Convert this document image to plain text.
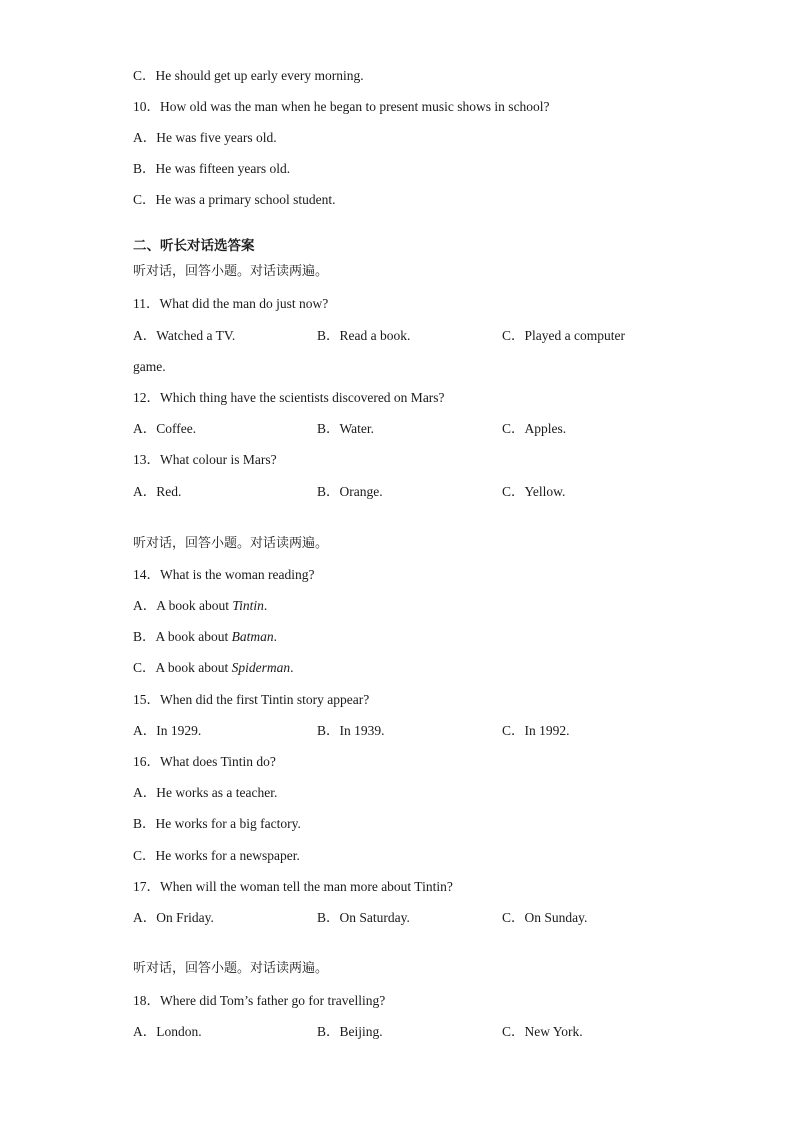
C．He should get up early every morning.
10．How old was the man when he began to present music shows in school?
A．He was five years old.
B．He was fifteen years old.
C．He was a primary school student.
二、听长对话选答案
听对话，回答小题。对话读两遍。
11．What did the man do just now?
A．Watched a TV.	B．Read a book.	C．Played a computer
game.
12．Which thing have the scientists discovered on Mars?
A．Coffee.	B．Water.	C．Apples.
13．What colour is Mars?
A．Red.	B．Orange.	C．Yellow.
听对话，回答小题。对话读两遍。
14．What is the woman reading?
A．A book about Tintin.
B．A book about Batman.
C．A book about Spiderman.
15．When did the first Tintin story appear?
A．In 1929.	B．In 1939.	C．In 1992.
16．What does Tintin do?
A．He works as a teacher.
B．He works for a big factory.
C．He works for a newspaper.
17．When will the woman tell the man more about Tintin?
A．On Friday.	B．On Saturday.	C．On Sunday.
听对话，回答小题。对话读两遍。
18．Where did Tom’s father go for travelling?
A．London.	B．Beijing.	C．New York.
